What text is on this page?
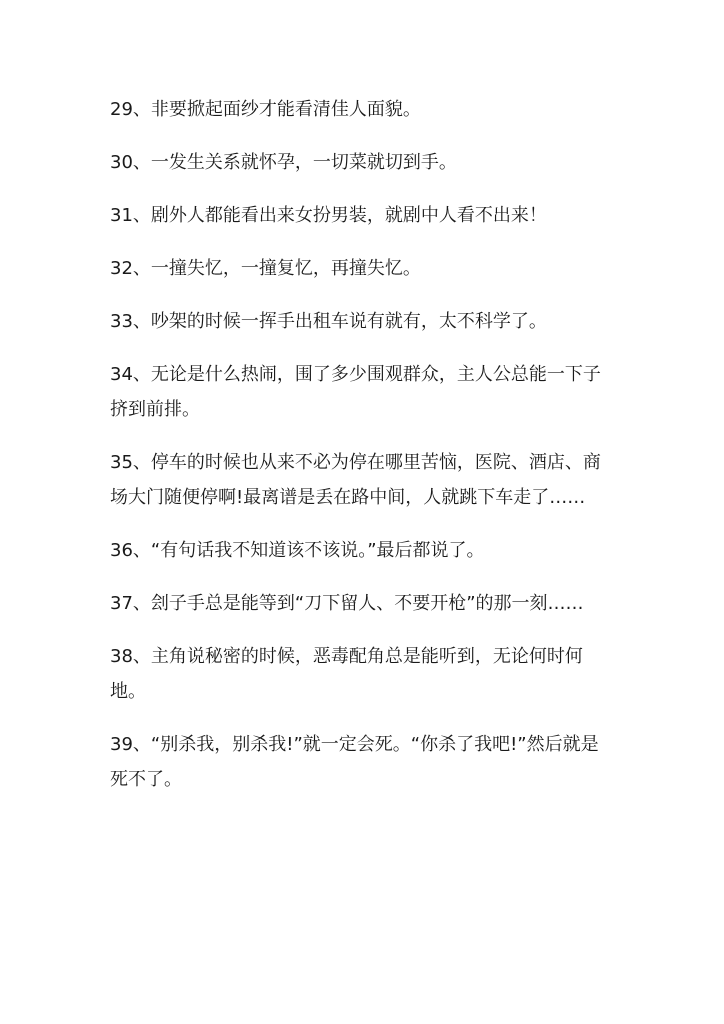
29、非要掀起面纱才能看清佳人面貌。

30、一发生关系就怀孕，一切菜就切到手。

31、剧外人都能看出来女扮男装，就剧中人看不出来！

32、一撞失忆，一撞复忆，再撞失忆。

33、吵架的时候一挥手出租车说有就有，太不科学了。

34、无论是什么热闹，围了多少围观群众，主人公总能一下子挤到前排。

35、停车的时候也从来不必为停在哪里苦恼，医院、酒店、商场大门随便停啊!最离谱是丢在路中间，人就跳下车走了……

36、“有句话我不知道该不该说。”最后都说了。

37、刽子手总是能等到“刀下留人、不要开枪”的那一刻……

38、主角说秘密的时候，恶毒配角总是能听到，无论何时何地。

39、“别杀我，别杀我!”就一定会死。“你杀了我吧!”然后就是死不了。
